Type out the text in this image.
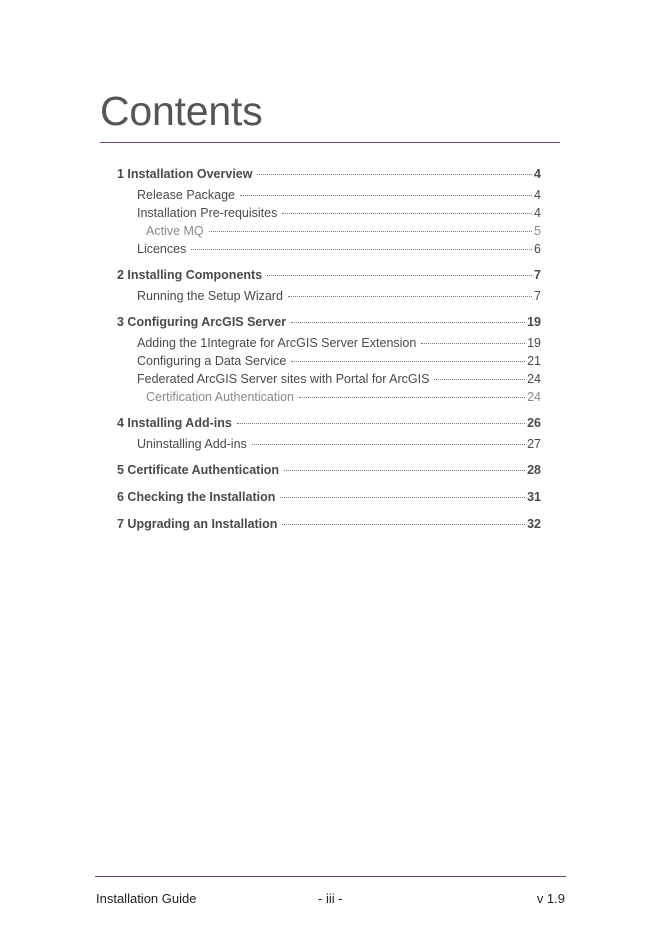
Contents
1 Installation Overview	4
Release Package	4
Installation Pre-requisites	4
Active MQ	5
Licences	6
2 Installing Components	7
Running the Setup Wizard	7
3 Configuring ArcGIS Server	19
Adding the 1Integrate for ArcGIS Server Extension	19
Configuring a Data Service	21
Federated ArcGIS Server sites with Portal for ArcGIS	24
Certification Authentication	24
4 Installing Add-ins	26
Uninstalling Add-ins	27
5 Certificate Authentication	28
6 Checking the Installation	31
7 Upgrading an Installation	32
Installation Guide	- iii -	v 1.9
